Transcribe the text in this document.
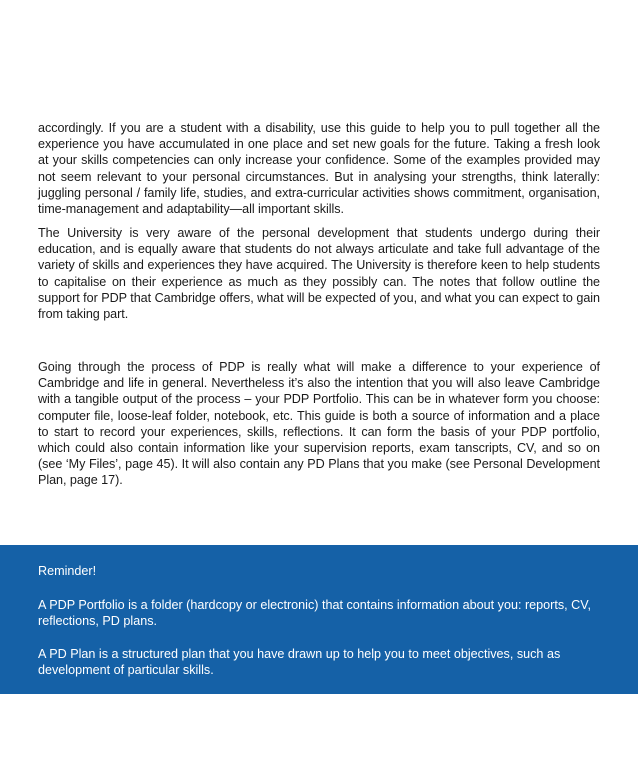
accordingly. If you are a student with a disability, use this guide to help you to pull together all the experience you have accumulated in one place and set new goals for the future. Taking a fresh look at your skills competencies can only increase your confidence. Some of the examples provided may not seem relevant to your personal circumstances. But in analysing your strengths, think laterally: juggling personal / family life, studies, and extra-curricular activities shows commitment, organisation, time-management and adaptability—all important skills.

The University is very aware of the personal development that students undergo during their education, and is equally aware that students do not always articulate and take full advantage of the variety of skills and experiences they have acquired. The University is therefore keen to help students to capitalise on their experience as much as they possibly can. The notes that follow outline the support for PDP that Cambridge offers, what will be expected of you, and what you can expect to gain from taking part.

Going through the process of PDP is really what will make a difference to your experience of Cambridge and life in general. Nevertheless it’s also the intention that you will also leave Cambridge with a tangible output of the process – your PDP Portfolio. This can be in whatever form you choose: computer file, loose-leaf folder, notebook, etc. This guide is both a source of information and a place to start to record your experiences, skills, reflections. It can form the basis of your PDP portfolio, which could also contain information like your supervision reports, exam tanscripts, CV, and so on (see ‘My Files’, page 45). It will also contain any PD Plans that you make (see Personal Development Plan, page 17).

Reminder!

A PDP Portfolio is a folder (hardcopy or electronic) that contains information about you: reports, CV, reflections, PD plans.

A PD Plan is a structured plan that you have drawn up to help you to meet objectives, such as development of particular skills.
